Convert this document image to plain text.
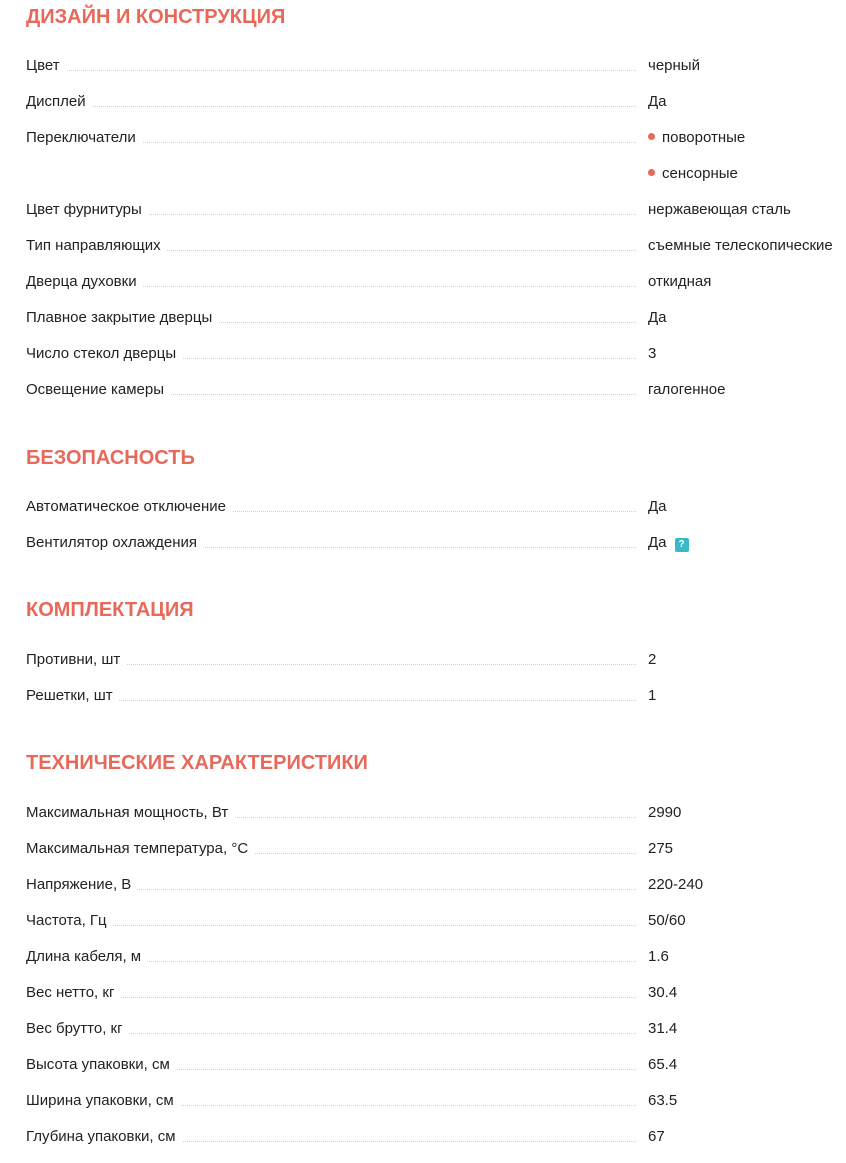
ДИЗАЙН И КОНСТРУКЦИЯ
Цвет	черный
Дисплей	Да
Переключатели	поворотные
сенсорные
Цвет фурнитуры	нержавеющая сталь
Тип направляющих	съемные телескопические
Дверца духовки	откидная
Плавное закрытие дверцы	Да
Число стекол дверцы	3
Освещение камеры	галогенное
БЕЗОПАСНОСТЬ
Автоматическое отключение	Да
Вентилятор охлаждения	Да ?
КОМПЛЕКТАЦИЯ
Противни, шт	2
Решетки, шт	1
ТЕХНИЧЕСКИЕ ХАРАКТЕРИСТИКИ
Максимальная мощность, Вт	2990
Максимальная температура, °C	275
Напряжение, В	220-240
Частота, Гц	50/60
Длина кабеля, м	1.6
Вес нетто, кг	30.4
Вес брутто, кг	31.4
Высота упаковки, см	65.4
Ширина упаковки, см	63.5
Глубина упаковки, см	67
